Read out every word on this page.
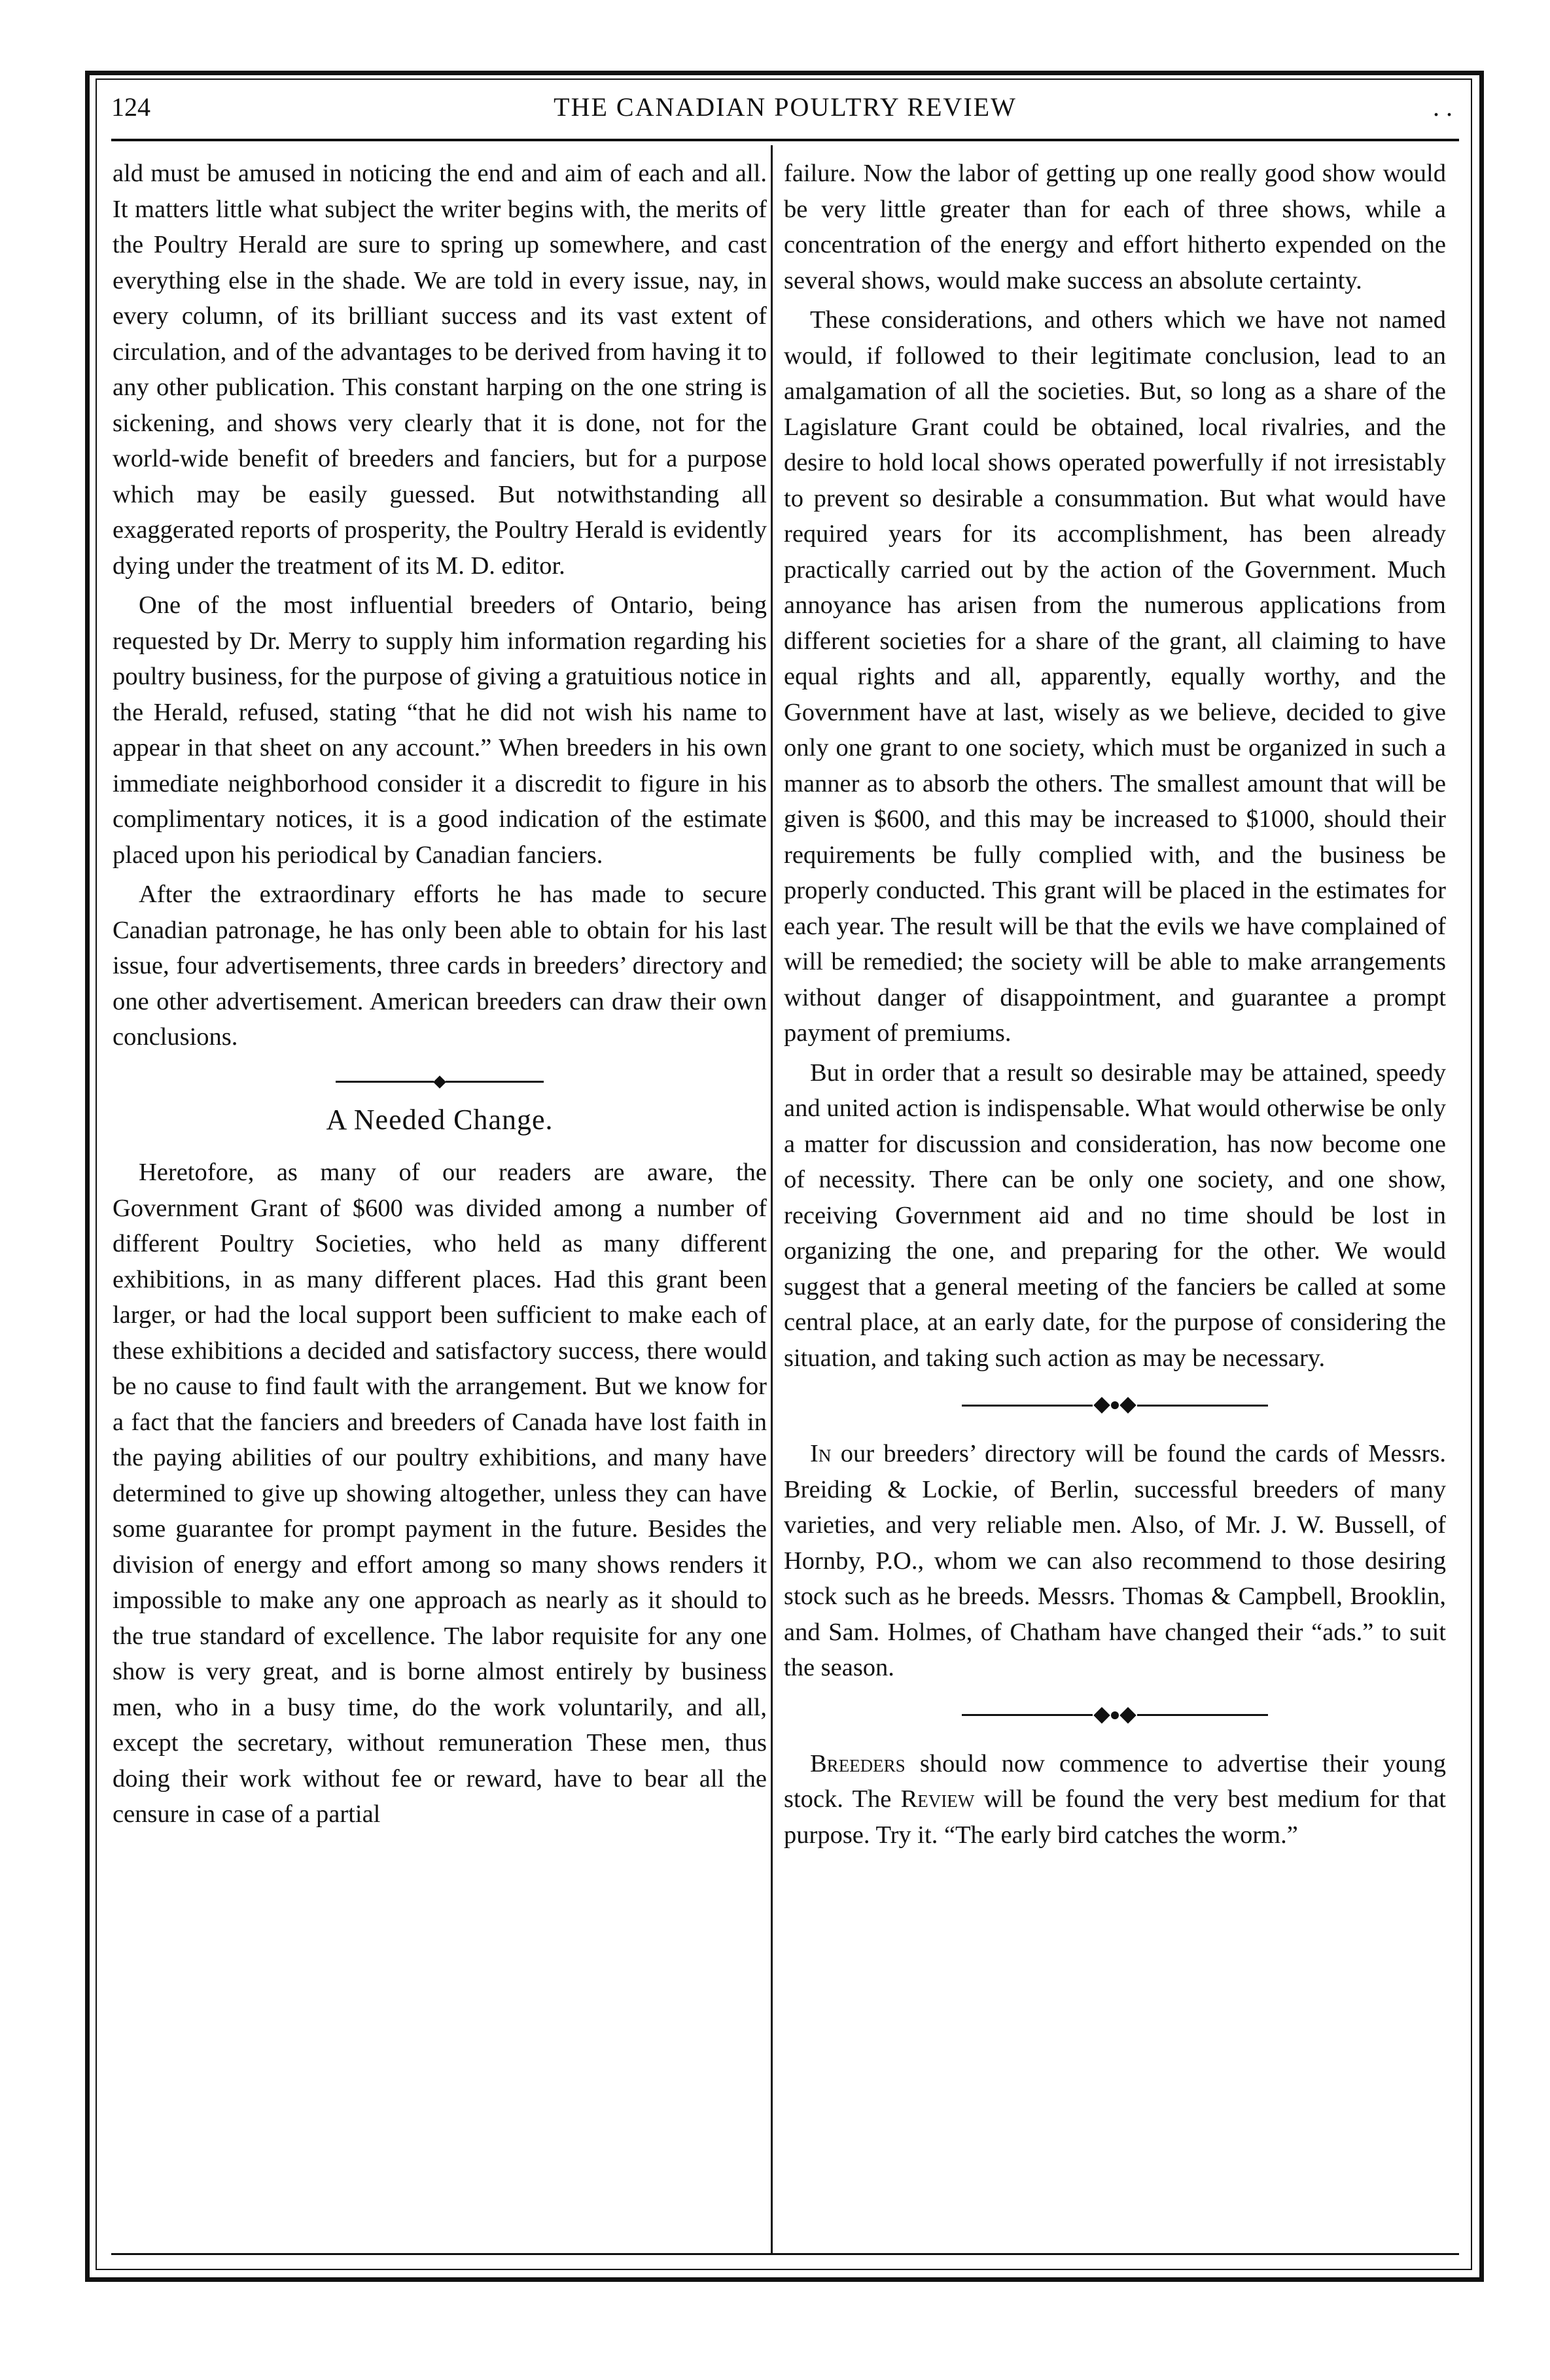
124	THE CANADIAN POULTRY REVIEW	. .

ald must be amused in noticing the end and aim of each and all. It matters little what subject the writer begins with, the merits of the Poultry Herald are sure to spring up somewhere, and cast everything else in the shade. We are told in every issue, nay, in every column, of its brilliant success and its vast extent of circulation, and of the advantages to be derived from having it to any other publication. This constant harping on the one string is sickening, and shows very clearly that it is done, not for the world-wide benefit of breeders and fanciers, but for a purpose which may be easily guessed. But notwithstanding all exaggerated reports of prosperity, the Poultry Herald is evidently dying under the treatment of its M. D. editor.

One of the most influential breeders of Ontario, being requested by Dr. Merry to supply him information regarding his poultry business, for the purpose of giving a gratuitious notice in the Herald, refused, stating “that he did not wish his name to appear in that sheet on any account.” When breeders in his own immediate neighborhood consider it a discredit to figure in his complimentary notices, it is a good indication of the estimate placed upon his periodical by Canadian fanciers.

After the extraordinary efforts he has made to secure Canadian patronage, he has only been able to obtain for his last issue, four advertisements, three cards in breeders’ directory and one other advertisement. American breeders can draw their own conclusions.

A Needed Change.

Heretofore, as many of our readers are aware, the Government Grant of $600 was divided among a number of different Poultry Societies, who held as many different exhibitions, in as many different places. Had this grant been larger, or had the local support been sufficient to make each of these exhibitions a decided and satisfactory success, there would be no cause to find fault with the arrangement. But we know for a fact that the fanciers and breeders of Canada have lost faith in the paying abilities of our poultry exhibitions, and many have determined to give up showing altogether, unless they can have some guarantee for prompt payment in the future. Besides the division of energy and effort among so many shows renders it impossible to make any one approach as nearly as it should to the true standard of excellence. The labor requisite for any one show is very great, and is borne almost entirely by business men, who in a busy time, do the work voluntarily, and all, except the secretary, without remuneration These men, thus doing their work without fee or reward, have to bear all the censure in case of a partial

failure. Now the labor of getting up one really good show would be very little greater than for each of three shows, while a concentration of the energy and effort hitherto expended on the several shows, would make success an absolute certainty.

These considerations, and others which we have not named would, if followed to their legitimate conclusion, lead to an amalgamation of all the societies. But, so long as a share of the Lagislature Grant could be obtained, local rivalries, and the desire to hold local shows operated powerfully if not irresistably to prevent so desirable a consummation. But what would have required years for its accomplishment, has been already practically carried out by the action of the Government. Much annoyance has arisen from the numerous applications from different societies for a share of the grant, all claiming to have equal rights and all, apparently, equally worthy, and the Government have at last, wisely as we believe, decided to give only one grant to one society, which must be organized in such a manner as to absorb the others. The smallest amount that will be given is $600, and this may be increased to $1000, should their requirements be fully complied with, and the business be properly conducted. This grant will be placed in the estimates for each year. The result will be that the evils we have complained of will be remedied; the society will be able to make arrangements without danger of disappointment, and guarantee a prompt payment of premiums.

But in order that a result so desirable may be attained, speedy and united action is indispensable. What would otherwise be only a matter for discussion and consideration, has now become one of necessity. There can be only one society, and one show, receiving Government aid and no time should be lost in organizing the one, and preparing for the other. We would suggest that a general meeting of the fanciers be called at some central place, at an early date, for the purpose of considering the situation, and taking such action as may be necessary.

In our breeders’ directory will be found the cards of Messrs. Breiding & Lockie, of Berlin, successful breeders of many varieties, and very reliable men. Also, of Mr. J. W. Bussell, of Hornby, P.O., whom we can also recommend to those desiring stock such as he breeds. Messrs. Thomas & Campbell, Brooklin, and Sam. Holmes, of Chatham have changed their “ads.” to suit the season.

Breeders should now commence to advertise their young stock. The Review will be found the very best medium for that purpose. Try it. “The early bird catches the worm.”
